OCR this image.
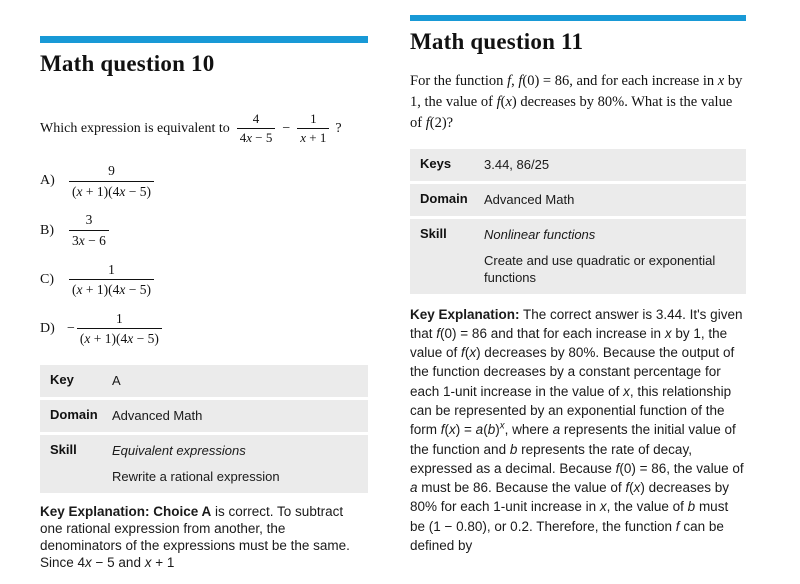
Math question 10
Which expression is equivalent to $\frac{4}{4x - 5} - \frac{1}{x + 1}$ ?
A)	$\frac{9}{(x + 1)(4x - 5)}$
B)	$\frac{3}{3x - 6}$
C)	$\frac{1}{(x + 1)(4x - 5)}$
$D) - \frac{1}{(x + 1)(4x - 5)}$
Key	A
Domain	Advanced Math
Skill	Equivalent expressions
Rewrite a rational expression

Key Explanation: Choice A is correct. To subtract one rational expression from another, the denominators of the expressions must be the same. Since 4x − 5 and x + 1

Math question 11

For the function f, f(0) = 86, and for each increase in x by 1, the value of f(x) decreases by 80%. What is the value of f(2)?

Keys	3.44, 86/25
Domain	Advanced Math
Skill	Nonlinear functions
Create and use quadratic or exponential functions

Key Explanation: The correct answer is 3.44. It's given that f(0) = 86 and that for each increase in x by 1, the value of f(x) decreases by 80%. Because the output of the function decreases by a constant percentage for each 1-unit increase in the value of x, this relationship can be represented by an exponential function of the form $f(x) = a(b)^x$, where a represents the initial value of the function and b represents the rate of decay, expressed as a decimal. Because f(0) = 86, the value of a must be 86. Because the value of f(x) decreases by 80% for each 1-unit increase in x, the value of b must be (1 − 0.80), or 0.2. Therefore, the function f can be defined by
